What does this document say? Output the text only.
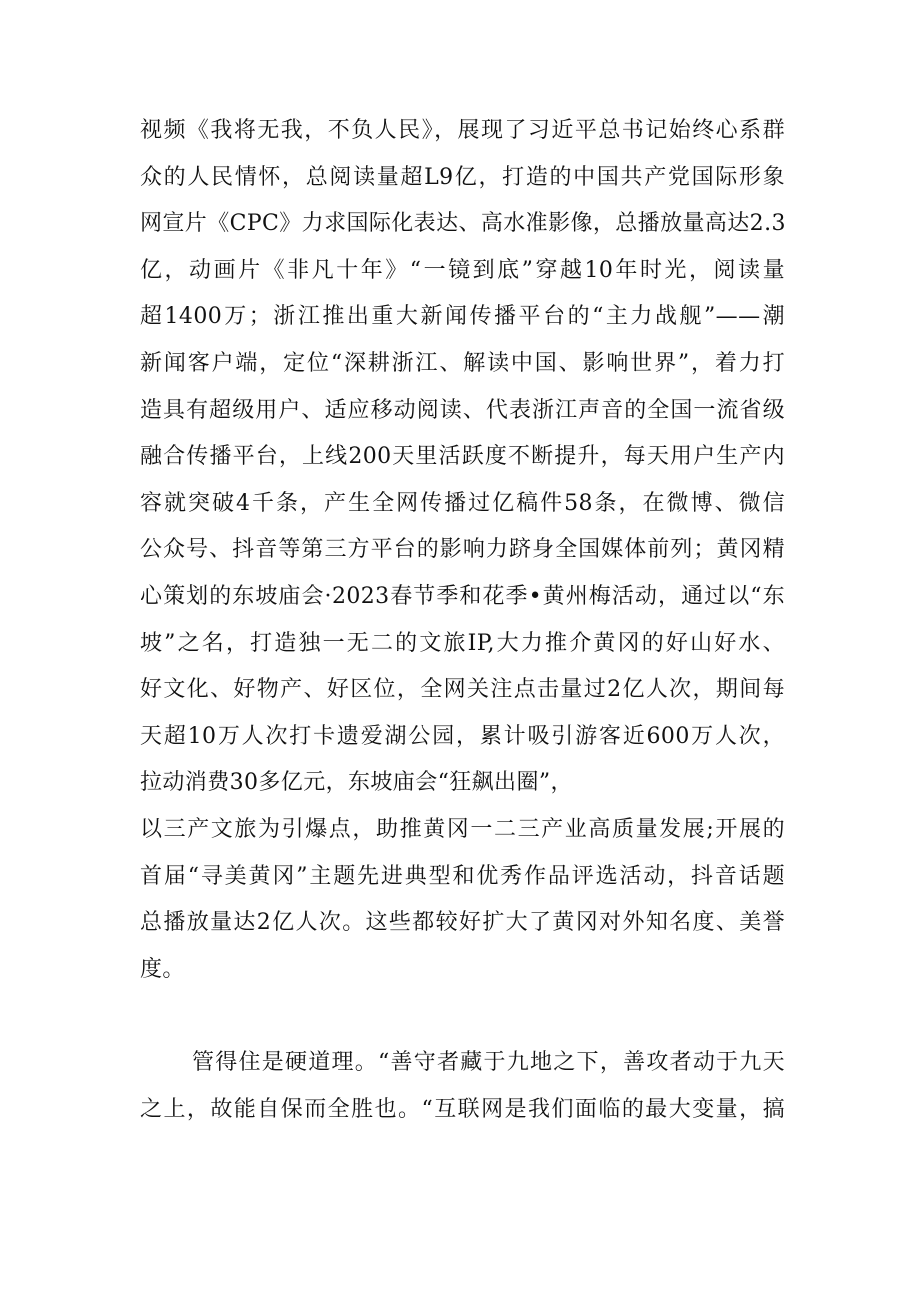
视频《我将无我，不负人民》，展现了习近平总书记始终心系群
众的人民情怀，总阅读量超L9亿，打造的中国共产党国际形象
网宣片《CPC》力求国际化表达、高水准影像，总播放量高达2.3
亿，动画片《非凡十年》“一镜到底”穿越10年时光，阅读量
超1400万；浙江推出重大新闻传播平台的“主力战舰”——潮
新闻客户端，定位“深耕浙江、解读中国、影响世界”，着力打
造具有超级用户、适应移动阅读、代表浙江声音的全国一流省级
融合传播平台，上线200天里活跃度不断提升，每天用户生产内
容就突破4千条，产生全网传播过亿稿件58条，在微博、微信
公众号、抖音等第三方平台的影响力跻身全国媒体前列；黄冈精
心策划的东坡庙会·2023春节季和花季•黄州梅活动，通过以“东
坡”之名，打造独一无二的文旅IP,大力推介黄冈的好山好水、
好文化、好物产、好区位，全网关注点击量过2亿人次，期间每
天超10万人次打卡遗爱湖公园，累计吸引游客近600万人次，
拉动消费30多亿元，东坡庙会“狂飙出圈”，
以三产文旅为引爆点，助推黄冈一二三产业高质量发展;开展的
首届“寻美黄冈”主题先进典型和优秀作品评选活动，抖音话题
总播放量达2亿人次。这些都较好扩大了黄冈对外知名度、美誉
度。
管得住是硬道理。“善守者藏于九地之下，善攻者动于九天
之上，故能自保而全胜也。“互联网是我们面临的最大变量，搞
